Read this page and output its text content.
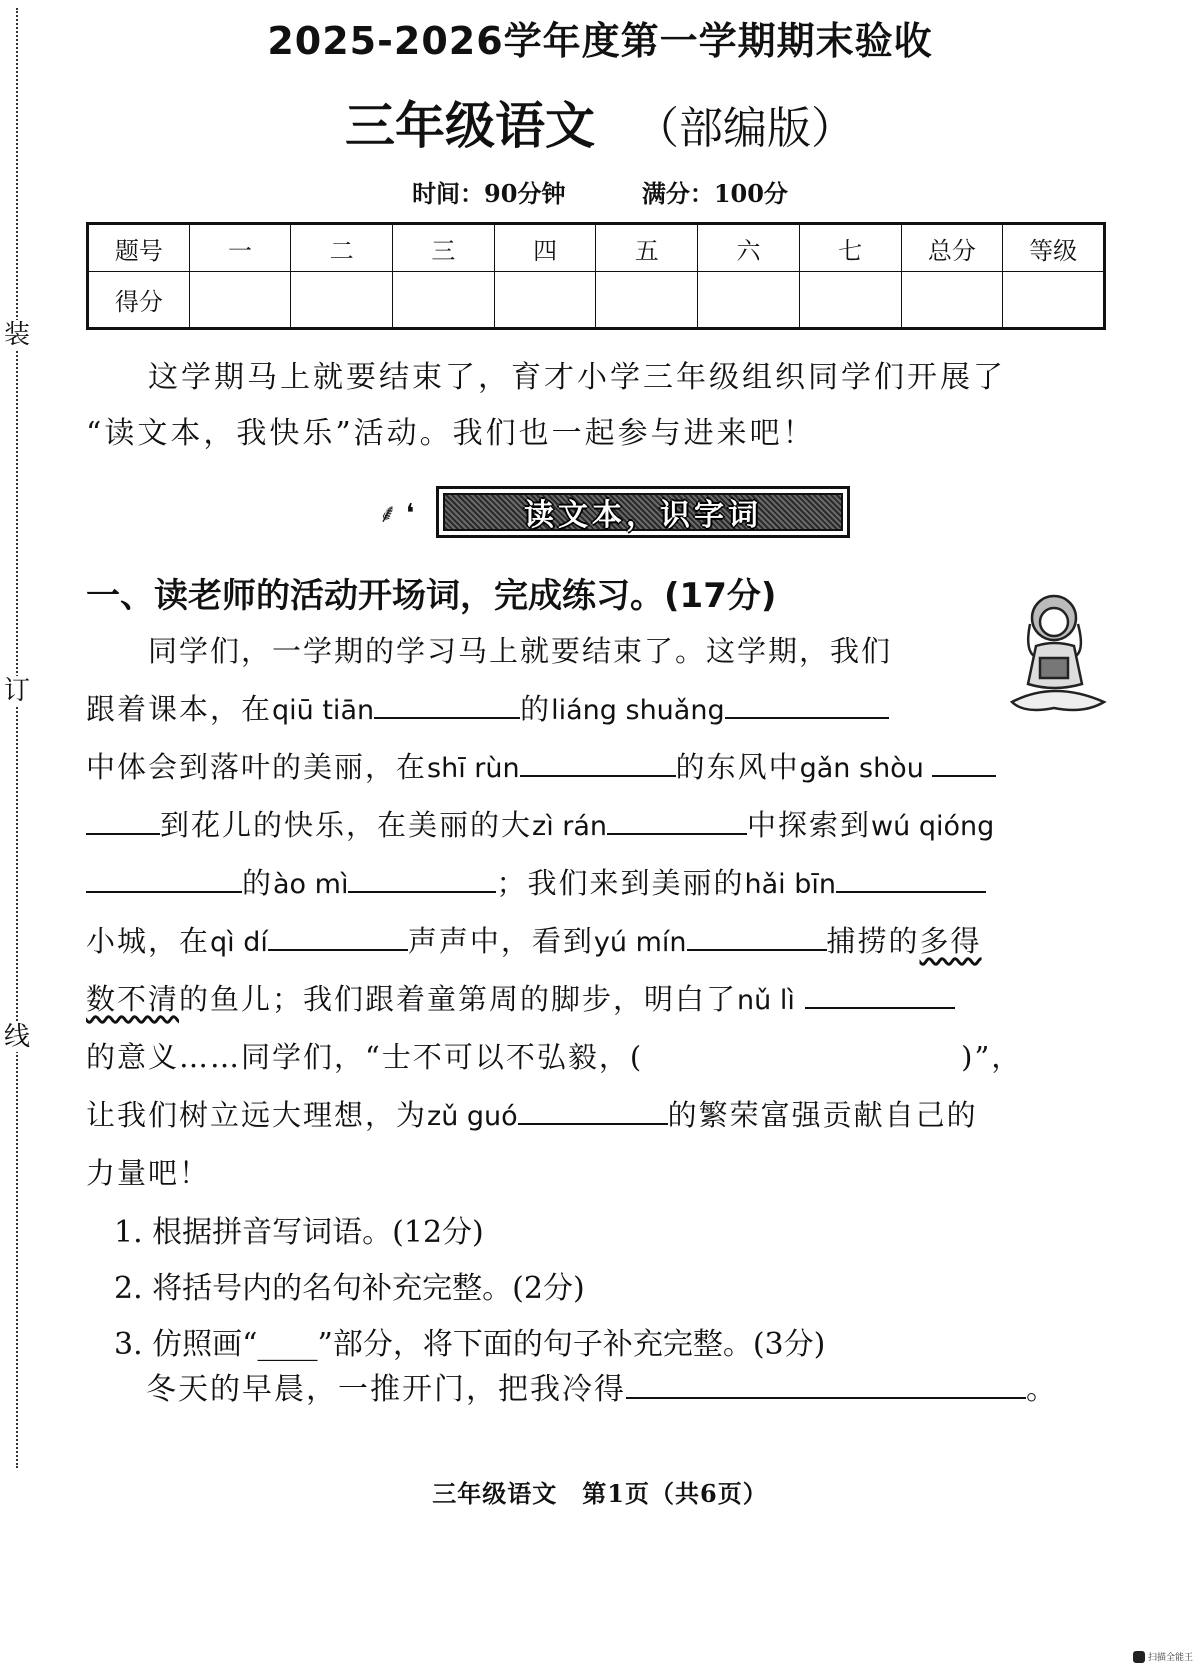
装
订
线
2025-2026学年度第一学期期末验收
三年级语文 （部编版）
时间：90分钟	满分：100分
题号	一	二	三	四	五	六	七	总分	等级
得分									

这学期马上就要结束了，育才小学三年级组织同学们开展了

“读文本，我快乐”活动。我们也一起参与进来吧！

⸙ ❛	读文本，识字词
一、读老师的活动开场词，完成练习。(17分)
同学们，一学期的学习马上就要结束了。这学期，我们
跟着课本，在qiū tiān	的liáng shuǎng
中体会到落叶的美丽，在shī rùn	的东风中gǎn shòu
到花儿的快乐，在美丽的大zì rán	中探索到wú qióng
的ào mì	；我们来到美丽的hǎi bīn
小城，在qì dí	声声中，看到yú mín	捕捞的多得
数不清的鱼儿；我们跟着童第周的脚步，明白了nǔ lì
的意义……同学们，“士不可以不弘毅，(	)”，
让我们树立远大理想，为zǔ guó	的繁荣富强贡献自己的
力量吧！
1. 根据拼音写词语。(12分)
2. 将括号内的名句补充完整。(2分)
3. 仿照画“____”部分，将下面的句子补充完整。(3分)
冬天的早晨，一推开门，把我冷得	。
三年级语文　第1页（共6页）
扫描全能王
